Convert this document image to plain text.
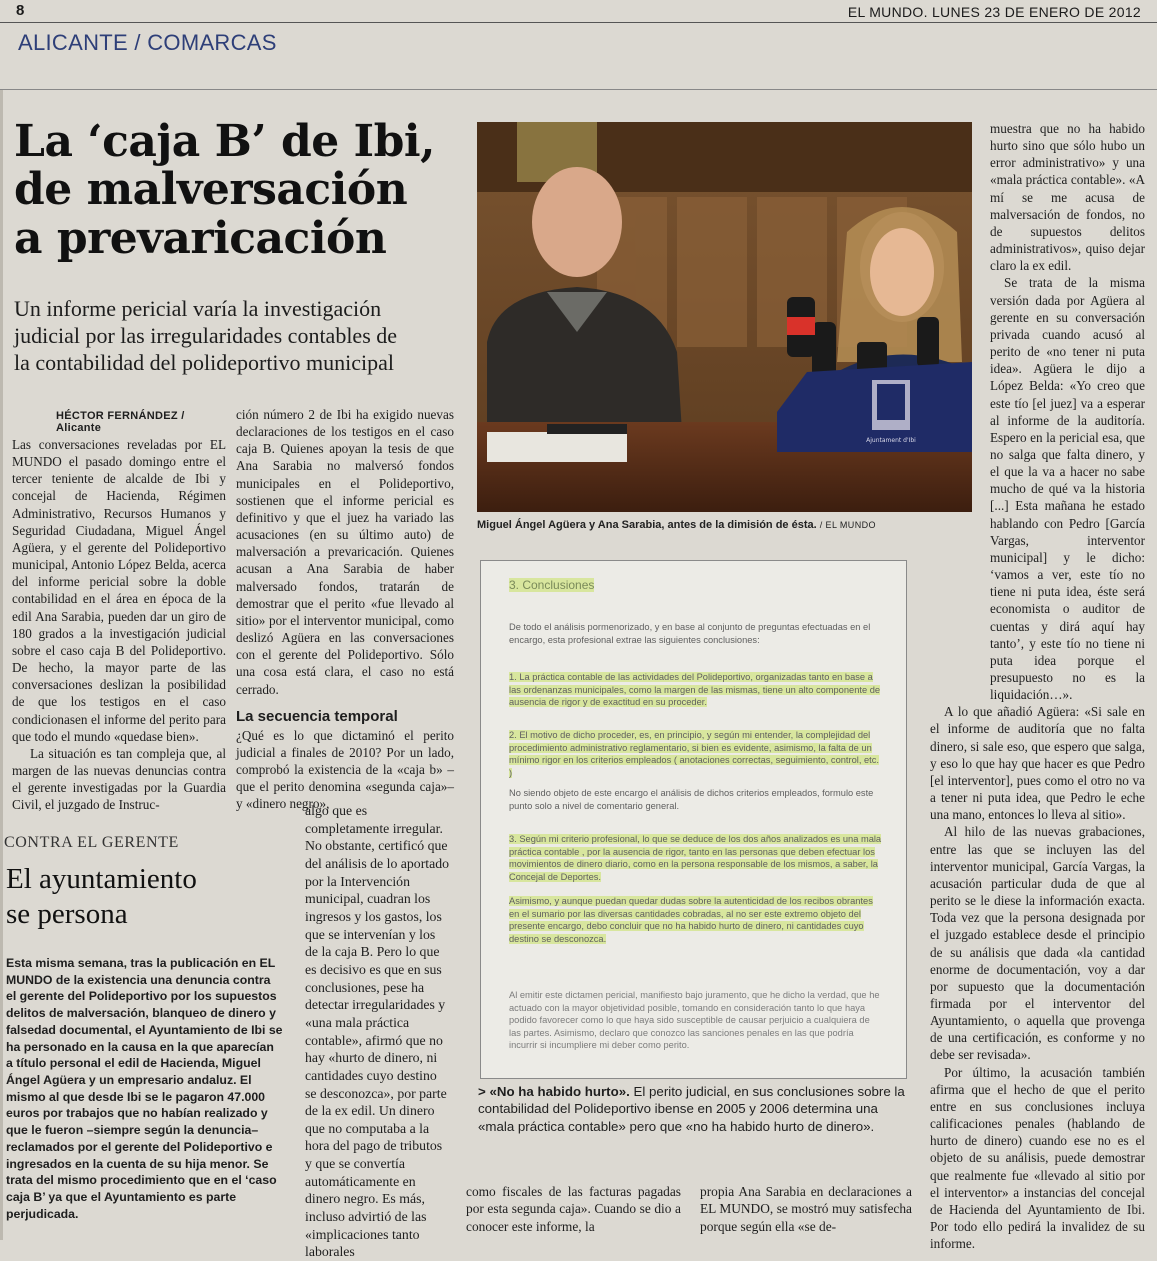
8	EL MUNDO. LUNES 23 DE ENERO DE 2012
ALICANTE / COMARCAS
La ‘caja B’ de Ibi,
de malversación
a prevaricación
Un informe pericial varía la investigación
judicial por las irregularidades contables de
la contabilidad del polideportivo municipal
HÉCTOR FERNÁNDEZ / Alicante

Las conversaciones reveladas por EL MUNDO el pasado domingo entre el tercer teniente de alcalde de Ibi y concejal de Hacienda, Régimen Administrativo, Recursos Humanos y Seguridad Ciudadana, Miguel Ángel Agüera, y el gerente del Polideportivo municipal, Antonio López Belda, acerca del informe pericial sobre la doble contabilidad en el área en época de la edil Ana Sarabia, pueden dar un giro de 180 grados a la investigación judicial sobre el caso caja B del Polideportivo. De hecho, la mayor parte de las conversaciones deslizan la posibilidad de que los testigos en el caso condicionasen el informe del perito para que todo el mundo «quedase bien».

La situación es tan compleja que, al margen de las nuevas denuncias contra el gerente investigadas por la Guardia Civil, el juzgado de Instruc-

ción número 2 de Ibi ha exigido nuevas declaraciones de los testigos en el caso caja B. Quienes apoyan la tesis de que Ana Sarabia no malversó fondos municipales en el Polideportivo, sostienen que el informe pericial es definitivo y que el juez ha variado las acusaciones (en su último auto) de malversación a prevaricación. Quienes acusan a Ana Sarabia de haber malversado fondos, tratarán de demostrar que el perito «fue llevado al sitio» por el interventor municipal, como deslizó Agüera en las conversaciones con el gerente del Polideportivo. Sólo una cosa está clara, el caso no está cerrado.

La secuencia temporal

¿Qué es lo que dictaminó el perito judicial a finales de 2010? Por un lado, comprobó la existencia de la «caja b» –que el perito denomina «segunda caja»– y «dinero negro»,

algo que es completamente irregular. No obstante, certificó que del análisis de lo aportado por la Intervención municipal, cuadran los ingresos y los gastos, los que se intervenían y los de la caja B. Pero lo que es decisivo es que en sus conclusiones, pese ha detectar irregularidades y «una mala práctica contable», afirmó que no hay «hurto de dinero, ni cantidades cuyo destino se desconozca», por parte de la ex edil. Un dinero que no computaba a la hora del pago de tributos y que se convertía automáticamente en dinero negro. Es más, incluso advirtió de las «implicaciones tanto laborales
CONTRA EL GERENTE
El ayuntamiento
se persona
Esta misma semana, tras la publicación en EL MUNDO de la existencia una denuncia contra el gerente del Polideportivo por los supuestos delitos de malversación, blanqueo de dinero y falsedad documental, el Ayuntamiento de Ibi se ha personado en la causa en la que aparecían a título personal el edil de Hacienda, Miguel Ángel Agüera y un empresario andaluz. El mismo al que desde Ibi se le pagaron 47.000 euros por trabajos que no habían realizado y que le fueron –siempre según la denuncia– reclamados por el gerente del Polideportivo e ingresados en la cuenta de su hija menor. Se trata del mismo procedimiento que en el ‘caso caja B’ ya que el Ayuntamiento es parte perjudicada.
Ajuntament d'Ibi
Miguel Ángel Agüera y Ana Sarabia, antes de la dimisión de ésta. / EL MUNDO
3. Conclusiones
De todo el análisis pormenorizado, y en base al conjunto de preguntas efectuadas en el encargo, esta profesional extrae las siguientes conclusiones:
1. La práctica contable de las actividades del Polideportivo, organizadas tanto en base a las ordenanzas municipales, como la margen de las mismas, tiene un alto componente de ausencia de rigor y de exactitud en su proceder.
2. El motivo de dicho proceder, es, en principio, y según mi entender, la complejidad del procedimiento administrativo reglamentario, si bien es evidente, asimismo, la falta de un mínimo rigor en los criterios empleados ( anotaciones correctas, seguimiento, control, etc. )
No siendo objeto de este encargo el análisis de dichos criterios empleados, formulo este punto solo a nivel de comentario general.
3. Según mi criterio profesional, lo que se deduce de los dos años analizados es una mala práctica contable , por la ausencia de rigor, tanto en las personas que deben efectuar los movimientos de dinero diario, como en la persona responsable de los mismos, a saber, la Concejal de Deportes.
Asimismo, y aunque puedan quedar dudas sobre la autenticidad de los recibos obrantes en el sumario por las diversas cantidades cobradas, al no ser este extremo objeto del presente encargo, debo concluir que no ha habido hurto de dinero, ni cantidades cuyo destino se desconozca.
Al emitir este dictamen pericial, manifiesto bajo juramento, que he dicho la verdad, que he actuado con la mayor objetividad posible, tomando en consideración tanto lo que haya podido favorecer como lo que haya sido susceptible de causar perjuicio a cualquiera de las partes. Asimismo, declaro que conozco las sanciones penales en las que podría incurrir si incumpliere mi deber como perito.
> «No ha habido hurto». El perito judicial, en sus conclusiones sobre la contabilidad del Polideportivo ibense en 2005 y 2006 determina una «mala práctica contable» pero que «no ha habido hurto de dinero».
como fiscales de las facturas pagadas por esta segunda caja». Cuando se dio a conocer este informe, la
propia Ana Sarabia en declaraciones a EL MUNDO, se mostró muy satisfecha porque según ella «se de-

muestra que no ha habido hurto sino que sólo hubo un error administrativo» y una «mala práctica contable». «A mí se me acusa de malversación de fondos, no de supuestos delitos administrativos», quiso dejar claro la ex edil.

Se trata de la misma versión dada por Agüera al gerente en su conversación privada cuando acusó al perito de «no tener ni puta idea». Agüera le dijo a López Belda: «Yo creo que este tío [el juez] va a esperar al informe de la auditoría. Espero en la pericial esa, que no salga que falta dinero, y el que la va a hacer no sabe mucho de qué va la historia [...] Esta mañana he estado hablando con Pedro [García Vargas, interventor municipal] y le dicho: ‘vamos a ver, este tío no tiene ni puta idea, éste será economista o auditor de cuentas y dirá aquí hay tanto’, y este tío no tiene ni puta idea porque el presupuesto no es la liquidación…».

A lo que añadió Agüera: «Si sale en el informe de auditoría que no falta dinero, si sale eso, que espero que salga, y eso lo que hay que hacer es que Pedro [el interventor], pues como el otro no va a tener ni puta idea, que Pedro le eche una mano, entonces lo lleva al sitio».

Al hilo de las nuevas grabaciones, entre las que se incluyen las del interventor municipal, García Vargas, la acusación particular duda de que al perito se le diese la información exacta. Toda vez que la persona designada por el juzgado establece desde el principio de su análisis que dada «la cantidad enorme de documentación, voy a dar por supuesto que la documentación firmada por el interventor del Ayuntamiento, o aquella que provenga de una certificación, es conforme y no debe ser revisada».

Por último, la acusación también afirma que el hecho de que el perito entre en sus conclusiones incluya calificaciones penales (hablando de hurto de dinero) cuando ese no es el objeto de su análisis, puede demostrar que realmente fue «llevado al sitio por el interventor» a instancias del concejal de Hacienda del Ayuntamiento de Ibi. Por todo ello pedirá la invalidez de su informe.
